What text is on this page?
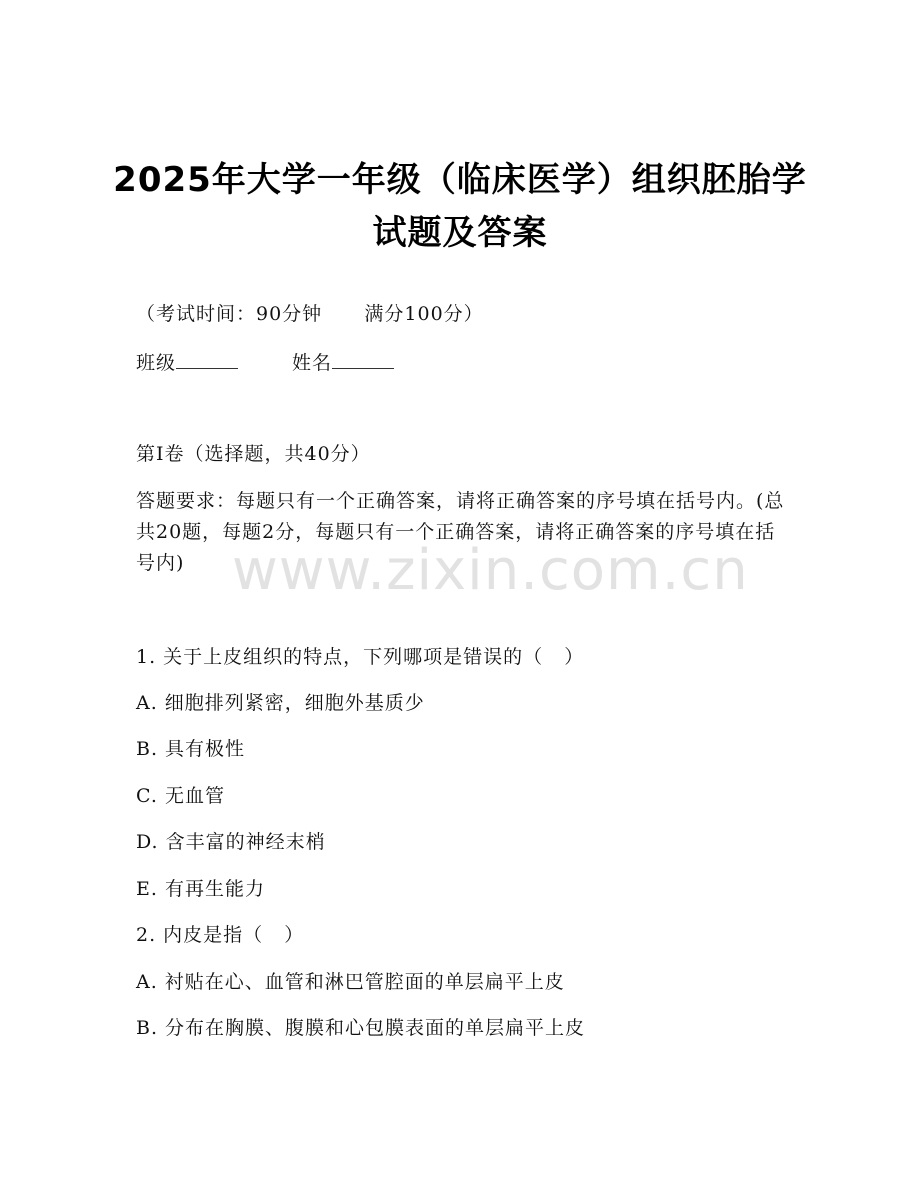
2025年大学一年级（临床医学）组织胚胎学
试题及答案
（考试时间：90分钟      满分100分）
班级	姓名
第Ⅰ卷（选择题，共40分）
答题要求：每题只有一个正确答案，请将正确答案的序号填在括号内。(总共20题，每题2分，每题只有一个正确答案，请将正确答案的序号填在括号内) www.zixin.com.cn
1. 关于上皮组织的特点，下列哪项是错误的（   ）
A. 细胞排列紧密，细胞外基质少
B. 具有极性
C. 无血管
D. 含丰富的神经末梢
E. 有再生能力
2. 内皮是指（   ）
A. 衬贴在心、血管和淋巴管腔面的单层扁平上皮
B. 分布在胸膜、腹膜和心包膜表面的单层扁平上皮
